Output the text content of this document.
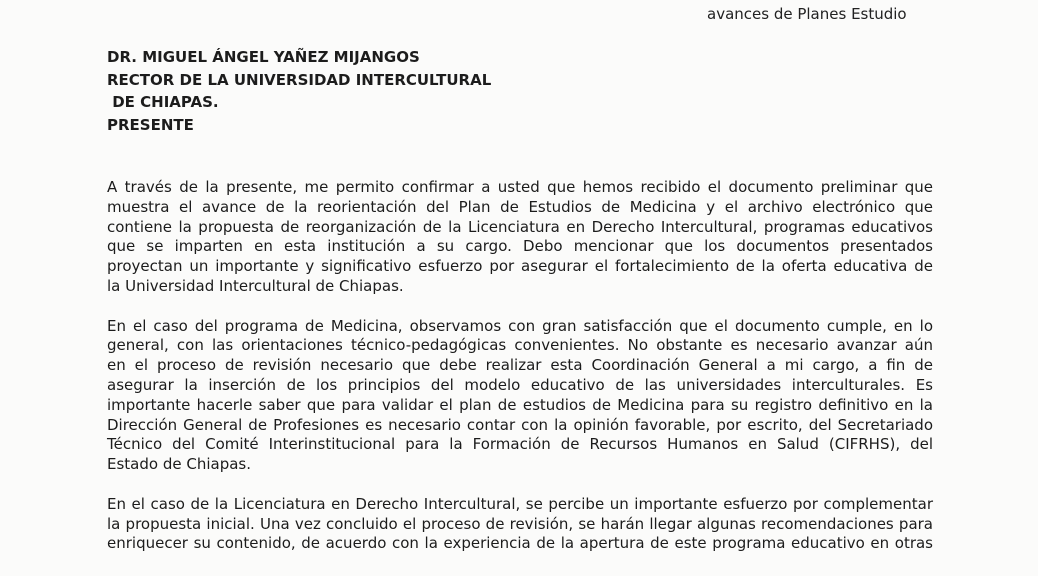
avances de Planes Estudio
DR. MIGUEL ÁNGEL YAÑEZ MIJANGOS
RECTOR DE LA UNIVERSIDAD INTERCULTURAL
DE CHIAPAS.
PRESENTE

A través de la presente, me permito confirmar a usted que hemos recibido el documento preliminar que

muestra el avance de la reorientación del Plan de Estudios de Medicina y el archivo electrónico que

contiene la propuesta de reorganización de la Licenciatura en Derecho Intercultural, programas educativos

que se imparten en esta institución a su cargo. Debo mencionar que los documentos presentados

proyectan un importante y significativo esfuerzo por asegurar el fortalecimiento de la oferta educativa de

la Universidad Intercultural de Chiapas.

En el caso del programa de Medicina, observamos con gran satisfacción que el documento cumple, en lo

general, con las orientaciones técnico-pedagógicas convenientes. No obstante es necesario avanzar aún

en el proceso de revisión necesario que debe realizar esta Coordinación General a mi cargo, a fin de

asegurar la inserción de los principios del modelo educativo de las universidades interculturales. Es

importante hacerle saber que para validar el plan de estudios de Medicina para su registro definitivo en la

Dirección General de Profesiones es necesario contar con la opinión favorable, por escrito, del Secretariado

Técnico del Comité Interinstitucional para la Formación de Recursos Humanos en Salud (CIFRHS), del

Estado de Chiapas.

En el caso de la Licenciatura en Derecho Intercultural, se percibe un importante esfuerzo por complementar

la propuesta inicial. Una vez concluido el proceso de revisión, se harán llegar algunas recomendaciones para

enriquecer su contenido, de acuerdo con la experiencia de la apertura de este programa educativo en otras
